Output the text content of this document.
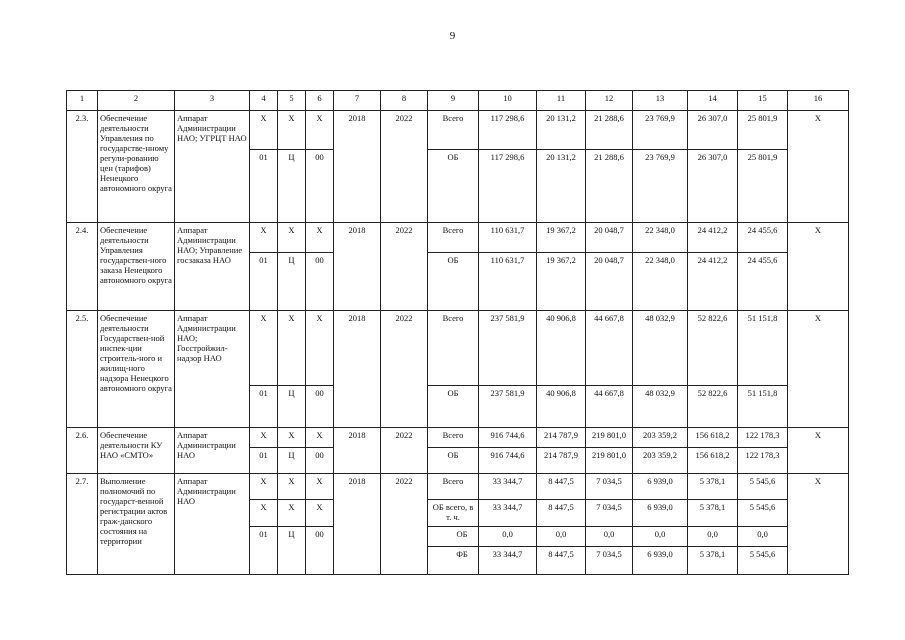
9
1	2	3	4	5	6	7	8	9	10	11	12	13	14	15	16
2.3.	Обеспечение деятельности Управления по государстве-нному регули-рованию цен (тарифов) Ненецкого автономного округа	Аппарат Администрации НАО; УГРЦТ НАО	Х	Х	Х	2018	2022	Всего	117 298,6	20 131,2	21 288,6	23 769,9	26 307,0	25 801,9	Х
			01	Ц	00			ОБ	117 298,6	20 131,2	21 288,6	23 769,9	26 307,0	25 801,9	
2.4.	Обеспечение деятельности Управления государствен-ного заказа Ненецкого автономного округа	Аппарат Администрации НАО; Управление госзаказа НАО	Х	Х	Х	2018	2022	Всего	110 631,7	19 367,2	20 048,7	22 348,0	24 412,2	24 455,6	Х
			01	Ц	00			ОБ	110 631,7	19 367,2	20 048,7	22 348,0	24 412,2	24 455,6	
2.5.	Обеспечение деятельности Государствен-ной инспек-ции строитель-ного и жилищ-ного надзора Ненецкого автономного округа	Аппарат Администрации НАО; Госстройжил-надзор НАО	Х	Х	Х	2018	2022	Всего	237 581,9	40 906,8	44 667,8	48 032,9	52 822,6	51 151,8	Х
			01	Ц	00			ОБ	237 581,9	40 906,8	44 667,8	48 032,9	52 822,6	51 151,8	
2.6.	Обеспечение деятельности КУ НАО «СМТО»	Аппарат Администрации НАО	Х	Х	Х	2018	2022	Всего	916 744,6	214 787,9	219 801,0	203 359,2	156 618,2	122 178,3	Х
			01	Ц	00			ОБ	916 744,6	214 787,9	219 801,0	203 359,2	156 618,2	122 178,3	
2.7.	Выполнение полномочий по государст-венной регистрации актов граж-данского состояния на территории	Аппарат Администрации НАО	Х	Х	Х	2018	2022	Всего	33 344,7	8 447,5	7 034,5	6 939,0	5 378,1	5 545,6	Х
			Х	Х	Х			ОБ всего, в т. ч.	33 344,7	8 447,5	7 034,5	6 939,0	5 378,1	5 545,6	
			01	Ц	00			ОБ	0,0	0,0	0,0	0,0	0,0	0,0	
								ФБ	33 344,7	8 447,5	7 034,5	6 939,0	5 378,1	5 545,6	
